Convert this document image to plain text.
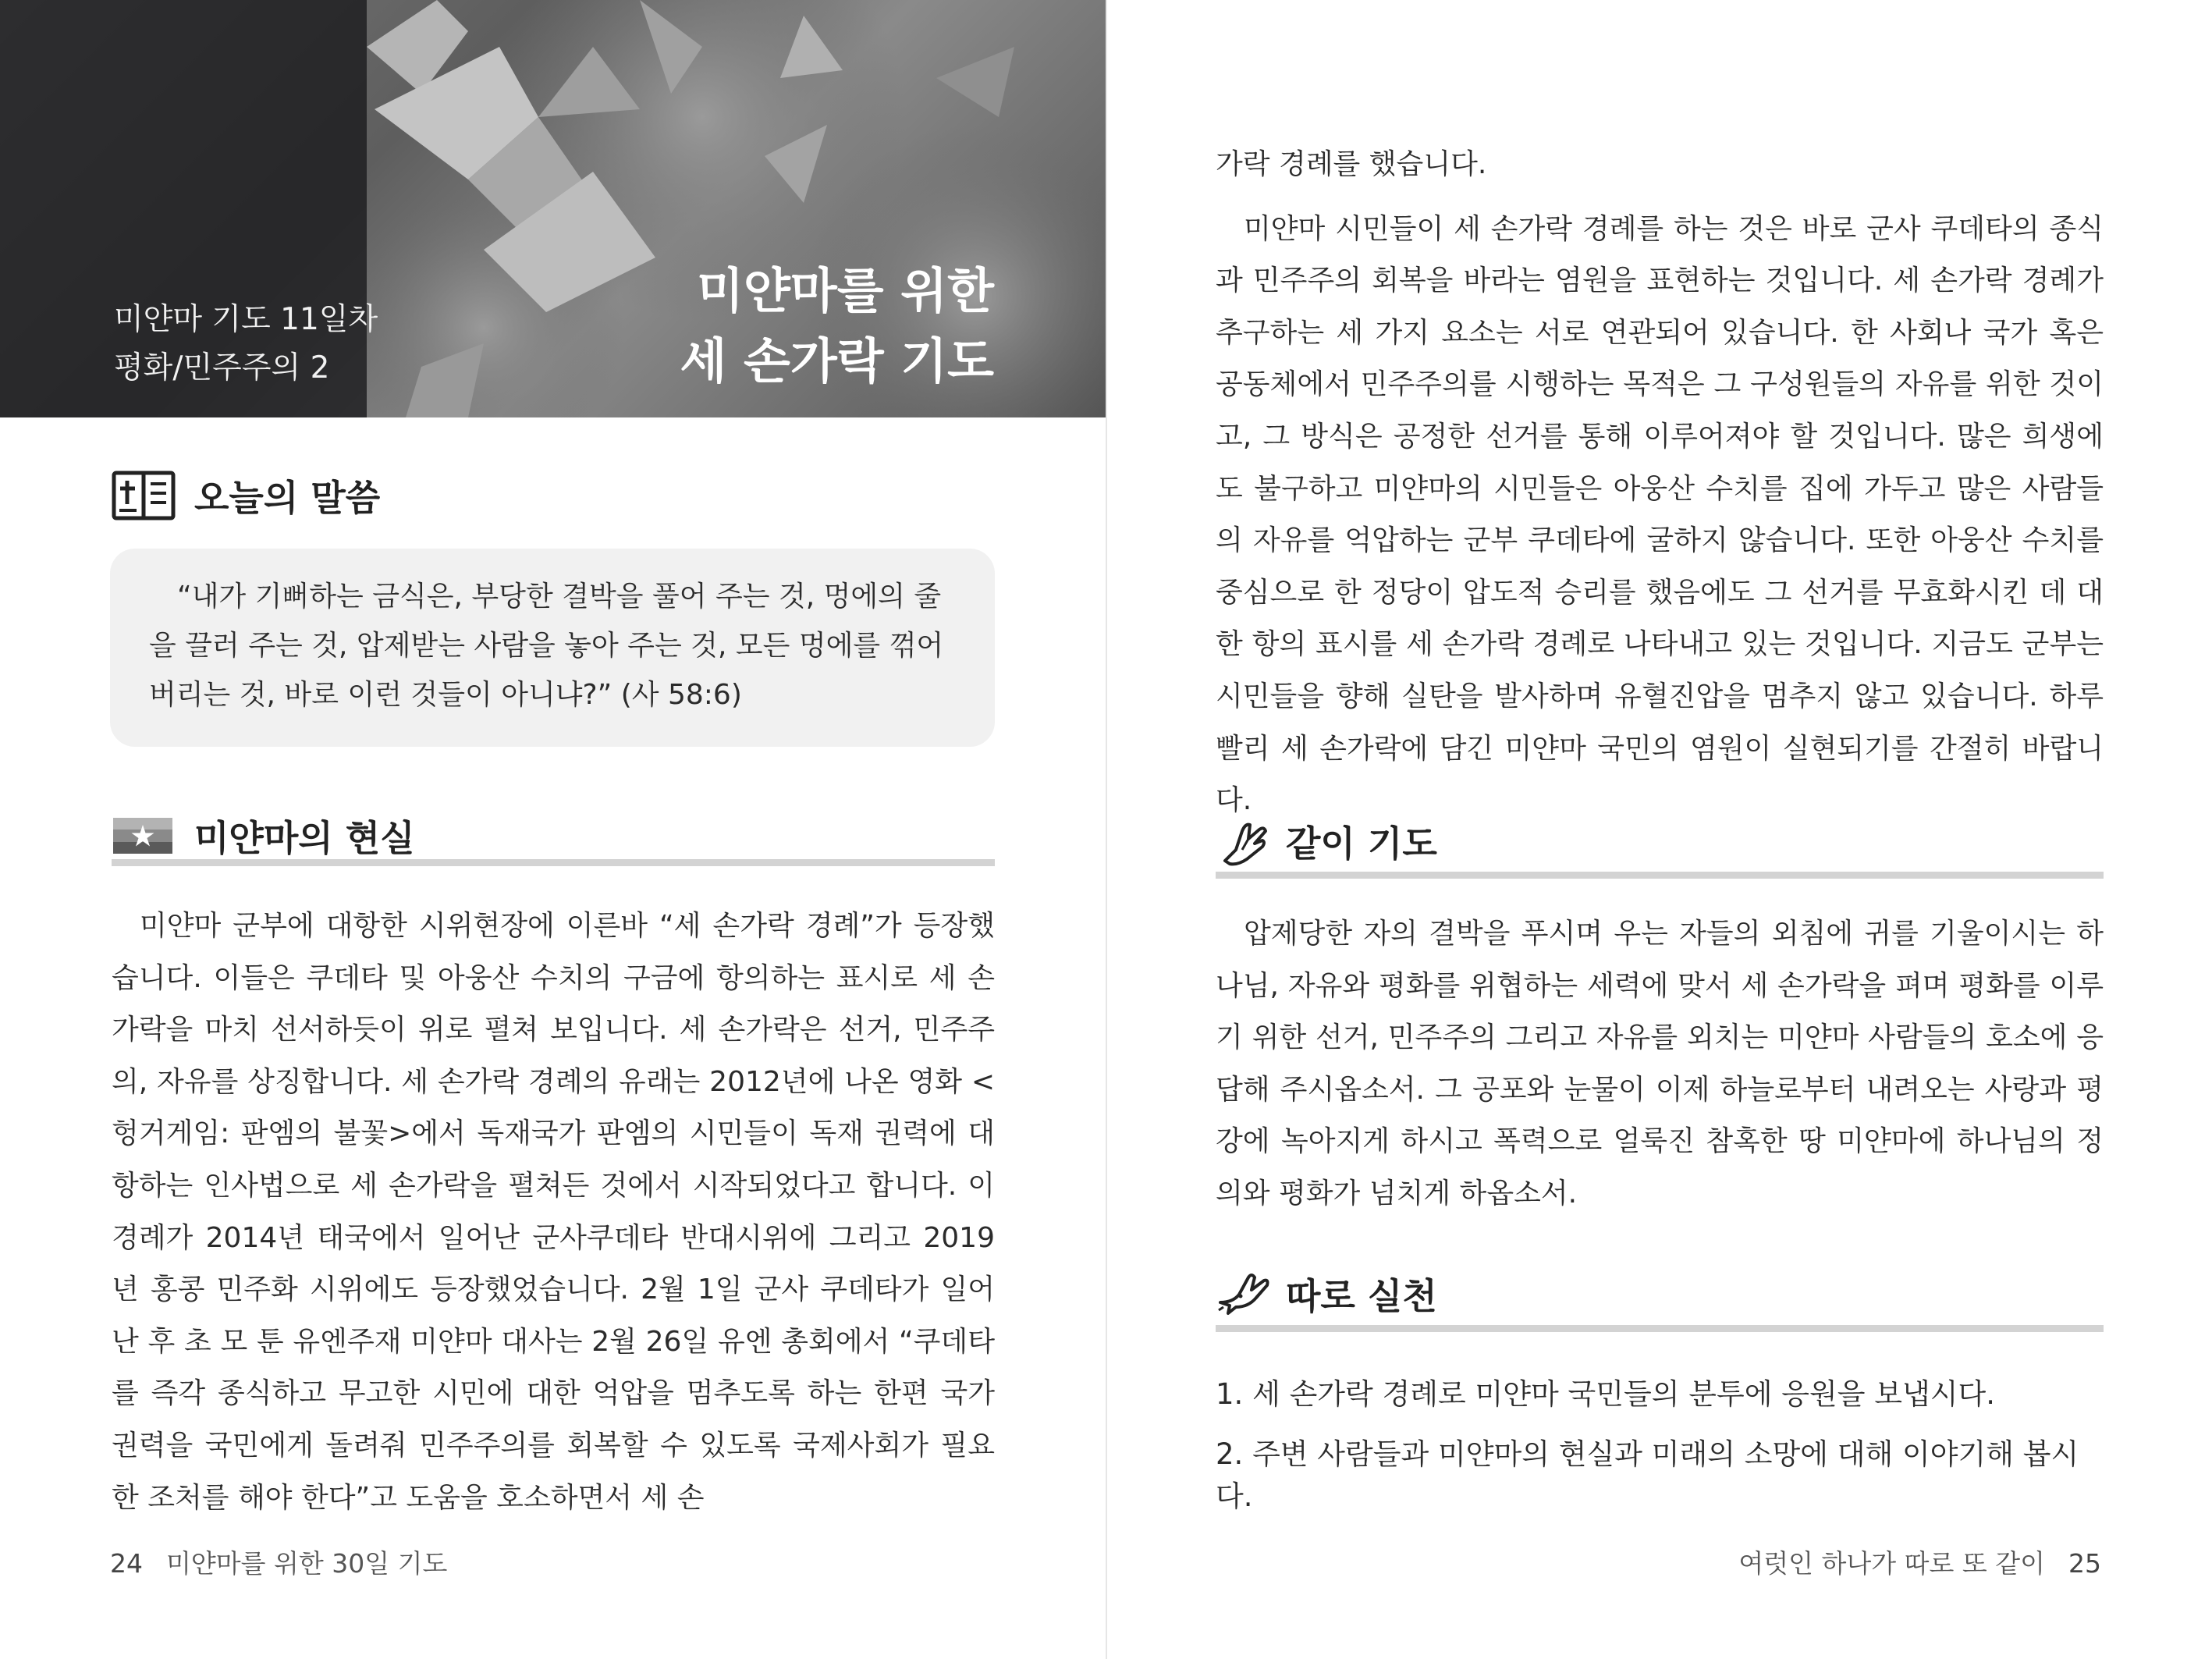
미얀마 기도 11일차
평화/민주주의 2
미얀마를 위한
세 손가락 기도
오늘의 말씀
“내가 기뻐하는 금식은, 부당한 결박을 풀어 주는 것, 멍에의 줄을 끌러 주는 것, 압제받는 사람을 놓아 주는 것, 모든 멍에를 꺾어 버리는 것, 바로 이런 것들이 아니냐?” (사 58:6)
미얀마의 현실

미얀마 군부에 대항한 시위현장에 이른바 “세 손가락 경례”가 등장했습니다. 이들은 쿠데타 및 아웅산 수치의 구금에 항의하는 표시로 세 손가락을 마치 선서하듯이 위로 펼쳐 보입니다. 세 손가락은 선거, 민주주의, 자유를 상징합니다. 세 손가락 경례의 유래는 2012년에 나온 영화 <헝거게임: 판엠의 불꽃>에서 독재국가 판엠의 시민들이 독재 권력에 대항하는 인사법으로 세 손가락을 펼쳐든 것에서 시작되었다고 합니다. 이 경례가 2014년 태국에서 일어난 군사쿠데타 반대시위에 그리고 2019년 홍콩 민주화 시위에도 등장했었습니다. 2월 1일 군사 쿠데타가 일어난 후 초 모 툰 유엔주재 미얀마 대사는 2월 26일 유엔 총회에서 “쿠데타를 즉각 종식하고 무고한 시민에 대한 억압을 멈추도록 하는 한편 국가 권력을 국민에게 돌려줘 민주주의를 회복할 수 있도록 국제사회가 필요한 조처를 해야 한다”고 도움을 호소하면서 세 손

24 미얀마를 위한 30일 기도

가락 경례를 했습니다.

미얀마 시민들이 세 손가락 경례를 하는 것은 바로 군사 쿠데타의 종식과 민주주의 회복을 바라는 염원을 표현하는 것입니다. 세 손가락 경례가 추구하는 세 가지 요소는 서로 연관되어 있습니다. 한 사회나 국가 혹은 공동체에서 민주주의를 시행하는 목적은 그 구성원들의 자유를 위한 것이고, 그 방식은 공정한 선거를 통해 이루어져야 할 것입니다. 많은 희생에도 불구하고 미얀마의 시민들은 아웅산 수치를 집에 가두고 많은 사람들의 자유를 억압하는 군부 쿠데타에 굴하지 않습니다. 또한 아웅산 수치를 중심으로 한 정당이 압도적 승리를 했음에도 그 선거를 무효화시킨 데 대한 항의 표시를 세 손가락 경례로 나타내고 있는 것입니다. 지금도 군부는 시민들을 향해 실탄을 발사하며 유혈진압을 멈추지 않고 있습니다. 하루 빨리 세 손가락에 담긴 미얀마 국민의 염원이 실현되기를 간절히 바랍니다.

같이 기도

압제당한 자의 결박을 푸시며 우는 자들의 외침에 귀를 기울이시는 하나님, 자유와 평화를 위협하는 세력에 맞서 세 손가락을 펴며 평화를 이루기 위한 선거, 민주주의 그리고 자유를 외치는 미얀마 사람들의 호소에 응답해 주시옵소서. 그 공포와 눈물이 이제 하늘로부터 내려오는 사랑과 평강에 녹아지게 하시고 폭력으로 얼룩진 참혹한 땅 미얀마에 하나님의 정의와 평화가 넘치게 하옵소서.

따로 실천
1. 세 손가락 경례로 미얀마 국민들의 분투에 응원을 보냅시다.
2. 주변 사람들과 미얀마의 현실과 미래의 소망에 대해 이야기해 봅시다.
여럿인 하나가 따로 또 같이 25
